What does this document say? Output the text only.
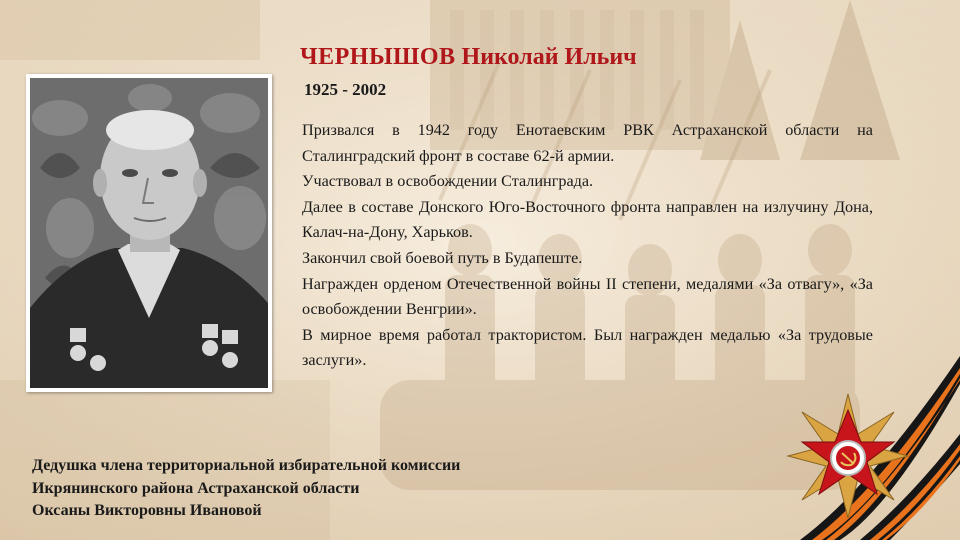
ЧЕРНЫШОВ Николай Ильич
1925 - 2002

Призвался в 1942 году Енотаевским РВК Астраханской области на Сталинградский фронт в составе 62-й армии.

Участвовал в освобождении Сталинграда.

Далее в составе Донского Юго-Восточного фронта направлен на излучину Дона, Калач-на-Дону, Харьков.

Закончил свой боевой путь в Будапеште.

Награжден орденом Отечественной войны II степени, медалями «За отвагу», «За освобождении Венгрии».

В мирное время работал трактористом. Был награжден медалью «За трудовые заслуги».

Дедушка члена территориальной избирательной комиссии
Икрянинского района Астраханской области
Оксаны Викторовны Ивановой
